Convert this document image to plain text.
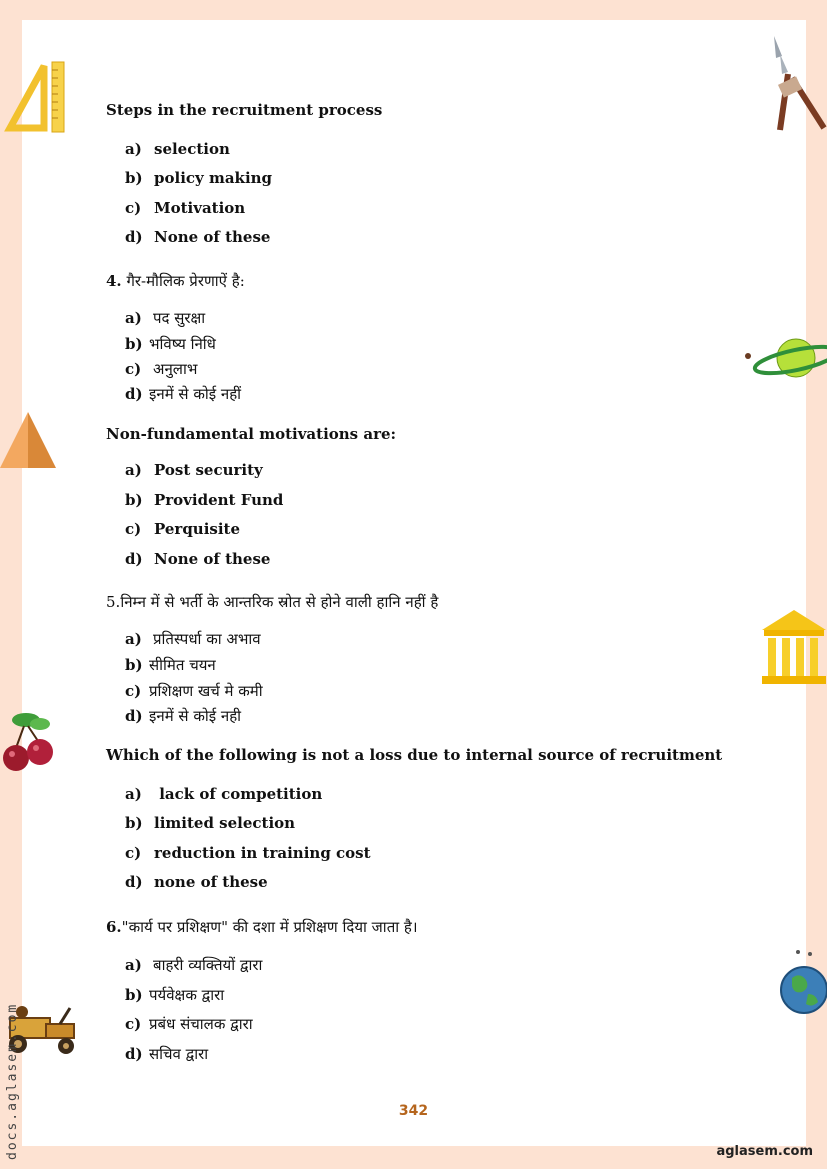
Steps in the recruitment process
a) selection
b) policy making
c) Motivation
d) None of these
4. गैर-मौलिक प्रेरणाऐं है:
a) पद सुरक्षा
b) भविष्य निधि
c) अनुलाभ
d) इनमें से कोई नहीं
Non-fundamental motivations are:
a) Post security
b) Provident Fund
c) Perquisite
d) None of these
5.निम्न में से भर्ती के आन्तरिक स्रोत से होने वाली हानि नहीं है
a) प्रतिस्पर्धा का अभाव
b) सीमित चयन
c) प्रशिक्षण खर्च मे कमी
d) इनमें से कोई नही
Which of the following is not a loss due to internal source of recruitment
a) lack of competition
b) limited selection
c) reduction in training cost
d) none of these
6."कार्य पर प्रशिक्षण" की दशा में प्रशिक्षण दिया जाता है।
a) बाहरी व्यक्तियों द्वारा
b) पर्यवेक्षक द्वारा
c) प्रबंध संचालक द्वारा
d) सचिव द्वारा
342
aglasem.com
docs.aglasem.com
